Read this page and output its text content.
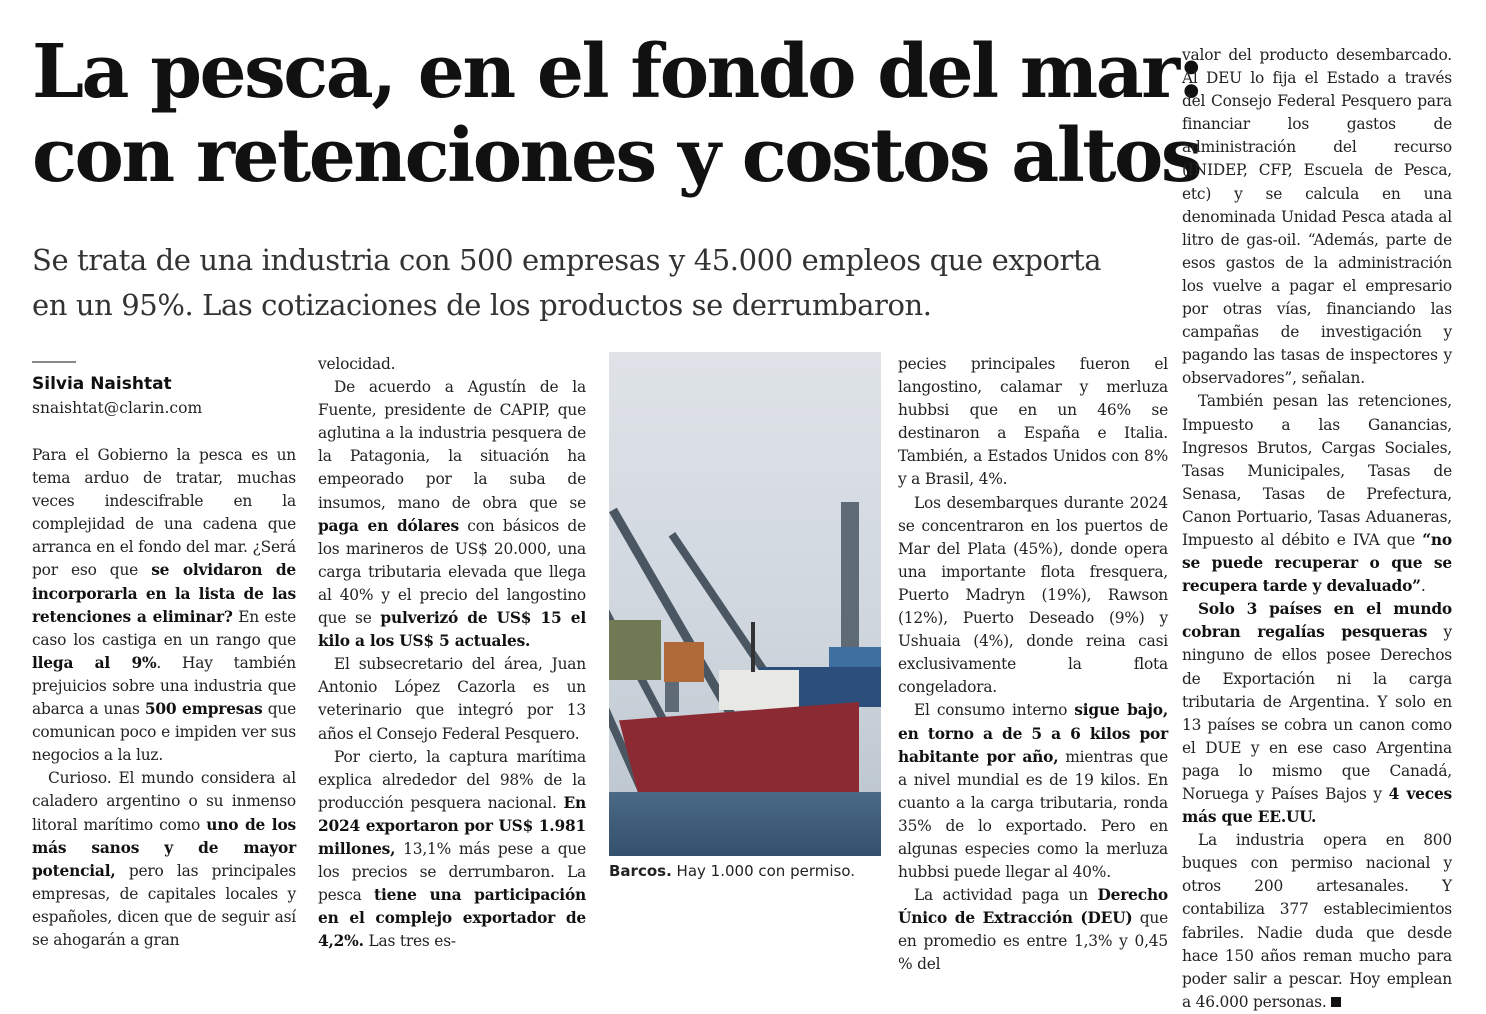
La pesca, en el fondo del mar:
con retenciones y costos altos
Se trata de una industria con 500 empresas y 45.000 empleos que exporta
en un 95%. Las cotizaciones de los productos se derrumbaron.
Silvia Naishtat
snaishtat@clarin.com

Para el Gobierno la pesca es un tema arduo de tratar, muchas veces indescifrable en la complejidad de una cadena que arranca en el fondo del mar. ¿Será por eso que se olvidaron de incorporarla en la lista de las retenciones a eliminar? En este caso los castiga en un rango que llega al 9%. Hay también prejuicios sobre una industria que abarca a unas 500 empresas que comunican poco e impiden ver sus negocios a la luz.

Curioso. El mundo considera al caladero argentino o su inmenso litoral marítimo como uno de los más sanos y de mayor potencial, pero las principales empresas, de capitales locales y españoles, dicen que de seguir así se ahogarán a gran

velocidad.

De acuerdo a Agustín de la Fuente, presidente de CAPIP, que aglutina a la industria pesquera de la Patagonia, la situación ha empeorado por la suba de insumos, mano de obra que se paga en dólares con básicos de los marineros de US$ 20.000, una carga tributaria elevada que llega al 40% y el precio del langostino que se pulverizó de US$ 15 el kilo a los US$ 5 actuales.

El subsecretario del área, Juan Antonio López Cazorla es un veterinario que integró por 13 años el Consejo Federal Pesquero.

Por cierto, la captura marítima explica alrededor del 98% de la producción pesquera nacional. En 2024 exportaron por US$ 1.981 millones, 13,1% más pese a que los precios se derrumbaron. La pesca tiene una participación en el complejo exportador de 4,2%. Las tres es-

Barcos. Hay 1.000 con permiso.

pecies principales fueron el langostino, calamar y merluza hubbsi que en un 46% se destinaron a España e Italia. También, a Estados Unidos con 8% y a Brasil, 4%.

Los desembarques durante 2024 se concentraron en los puertos de Mar del Plata (45%), donde opera una importante flota fresquera, Puerto Madryn (19%), Rawson (12%), Puerto Deseado (9%) y Ushuaia (4%), donde reina casi exclusivamente la flota congeladora.

El consumo interno sigue bajo, en torno a de 5 a 6 kilos por habitante por año, mientras que a nivel mundial es de 19 kilos. En cuanto a la carga tributaria, ronda 35% de lo exportado. Pero en algunas especies como la merluza hubbsi puede llegar al 40%.

La actividad paga un Derecho Único de Extracción (DEU) que en promedio es entre 1,3% y 0,45 % del

valor del producto desembarcado. Al DEU lo fija el Estado a través del Consejo Federal Pesquero para financiar los gastos de administración del recurso (INIDEP, CFP, Escuela de Pesca, etc) y se calcula en una denominada Unidad Pesca atada al litro de gas-oil. “Además, parte de esos gastos de la administración los vuelve a pagar el empresario por otras vías, financiando las campañas de investigación y pagando las tasas de inspectores y observadores”, señalan.

También pesan las retenciones, Impuesto a las Ganancias, Ingresos Brutos, Cargas Sociales, Tasas Municipales, Tasas de Senasa, Tasas de Prefectura, Canon Portuario, Tasas Aduaneras, Impuesto al débito e IVA que “no se puede recuperar o que se recupera tarde y devaluado”.

Solo 3 países en el mundo cobran regalías pesqueras y ninguno de ellos posee Derechos de Exportación ni la carga tributaria de Argentina. Y solo en 13 países se cobra un canon como el DUE y en ese caso Argentina paga lo mismo que Canadá, Noruega y Países Bajos y 4 veces más que EE.UU.

La industria opera en 800 buques con permiso nacional y otros 200 artesanales. Y contabiliza 377 establecimientos fabriles. Nadie duda que desde hace 150 años reman mucho para poder salir a pescar. Hoy emplean a 46.000 personas.
